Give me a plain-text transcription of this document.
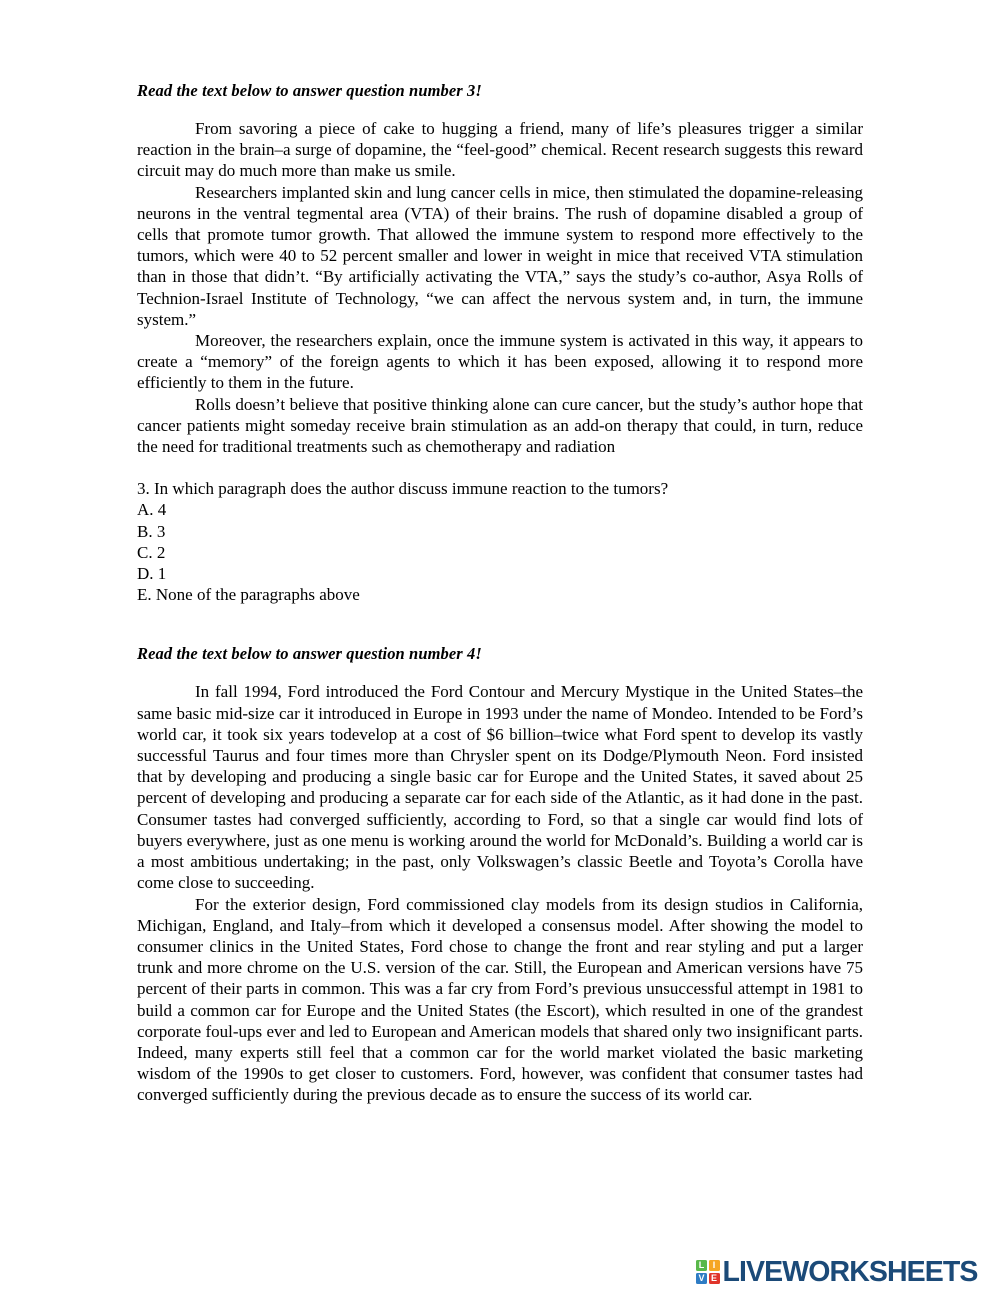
Read the text below to answer question number 3!

From savoring a piece of cake to hugging a friend, many of life’s pleasures trigger a similar reaction in the brain–a surge of dopamine, the “feel-good” chemical. Recent research suggests this reward circuit may do much more than make us smile.

Researchers implanted skin and lung cancer cells in mice, then stimulated the dopamine-releasing neurons in the ventral tegmental area (VTA) of their brains. The rush of dopamine disabled a group of cells that promote tumor growth. That allowed the immune system to respond more effectively to the tumors, which were 40 to 52 percent smaller and lower in weight in mice that received VTA stimulation than in those that didn’t. “By artificially activating the VTA,” says the study’s co-author, Asya Rolls of Technion-Israel Institute of Technology, “we can affect the nervous system and, in turn, the immune system.”

Moreover, the researchers explain, once the immune system is activated in this way, it appears to create a “memory” of the foreign agents to which it has been exposed, allowing it to respond more efficiently to them in the future.

Rolls doesn’t believe that positive thinking alone can cure cancer, but the study’s author hope that cancer patients might someday receive brain stimulation as an add-on therapy that could, in turn, reduce the need for traditional treatments such as chemotherapy and radiation

3. In which paragraph does the author discuss immune reaction to the tumors?
A. 4
B. 3
C. 2
D. 1
E. None of the paragraphs above
Read the text below to answer question number 4!

In fall 1994, Ford introduced the Ford Contour and Mercury Mystique in the United States–the same basic mid-size car it introduced in Europe in 1993 under the name of Mondeo. Intended to be Ford’s world car, it took six years todevelop at a cost of $6 billion–twice what Ford spent to develop its vastly successful Taurus and four times more than Chrysler spent on its Dodge/Plymouth Neon. Ford insisted that by developing and producing a single basic car for Europe and the United States, it saved about 25 percent of developing and producing a separate car for each side of the Atlantic, as it had done in the past. Consumer tastes had converged sufficiently, according to Ford, so that a single car would find lots of buyers everywhere, just as one menu is working around the world for McDonald’s. Building a world car is a most ambitious undertaking; in the past, only Volkswagen’s classic Beetle and Toyota’s Corolla have come close to succeeding.

For the exterior design, Ford commissioned clay models from its design studios in California, Michigan, England, and Italy–from which it developed a consensus model. After showing the model to consumer clinics in the United States, Ford chose to change the front and rear styling and put a larger trunk and more chrome on the U.S. version of the car. Still, the European and American versions have 75 percent of their parts in common. This was a far cry from Ford’s previous unsuccessful attempt in 1981 to build a common car for Europe and the United States (the Escort), which resulted in one of the grandest corporate foul-ups ever and led to European and American models that shared only two insignificant parts. Indeed, many experts still feel that a common car for the world market violated the basic marketing wisdom of the 1990s to get closer to customers. Ford, however, was confident that consumer tastes had converged sufficiently during the previous decade as to ensure the success of its world car.

L I
V E LIVEWORKSHEETS
